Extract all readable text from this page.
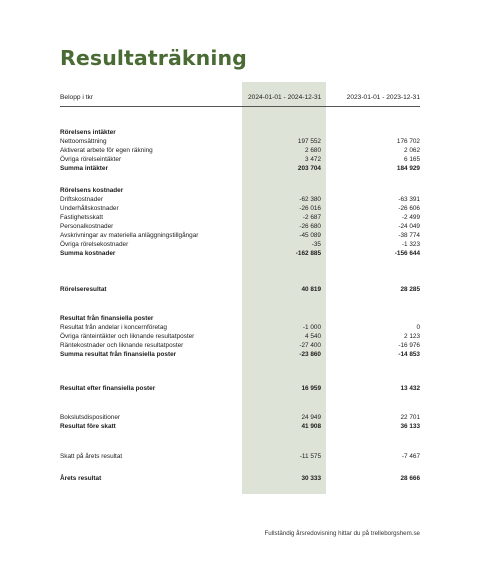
Resultaträkning
Belopp i tkr	2024-01-01 - 2024-12-31	2023-01-01 - 2023-12-31
Rörelsens intäkter
Nettoomsättning	197 552	176 702
Aktiverat arbete för egen räkning	2 680	2 062
Övriga rörelseintäkter	3 472	6 165
Summa intäkter	203 704	184 929
Rörelsens kostnader
Driftskostnader	-62 380	-63 391
Underhållskostnader	-26 016	-26 606
Fastighetsskatt	-2 687	-2 499
Personalkostnader	-26 680	-24 049
Avskrivningar av materiella anläggningstillgångar	-45 089	-38 774
Övriga rörelsekostnader	-35	-1 323
Summa kostnader	-162 885	-156 644
Rörelseresultat	40 819	28 285
Resultat från finansiella poster
Resultat från andelar i koncernföretag	-1 000	0
Övriga ränteintäkter och liknande resultatposter	4 540	2 123
Räntekostnader och liknande resultatposter	-27 400	-16 976
Summa resultat från finansiella poster	-23 860	-14 853
Resultat efter finansiella poster	16 959	13 432
Bokslutsdispositioner	24 949	22 701
Resultat före skatt	41 908	36 133
Skatt på årets resultat	-11 575	-7 467
Årets resultat	30 333	28 666
Fullständig årsredovisning hittar du på trelleborgshem.se
